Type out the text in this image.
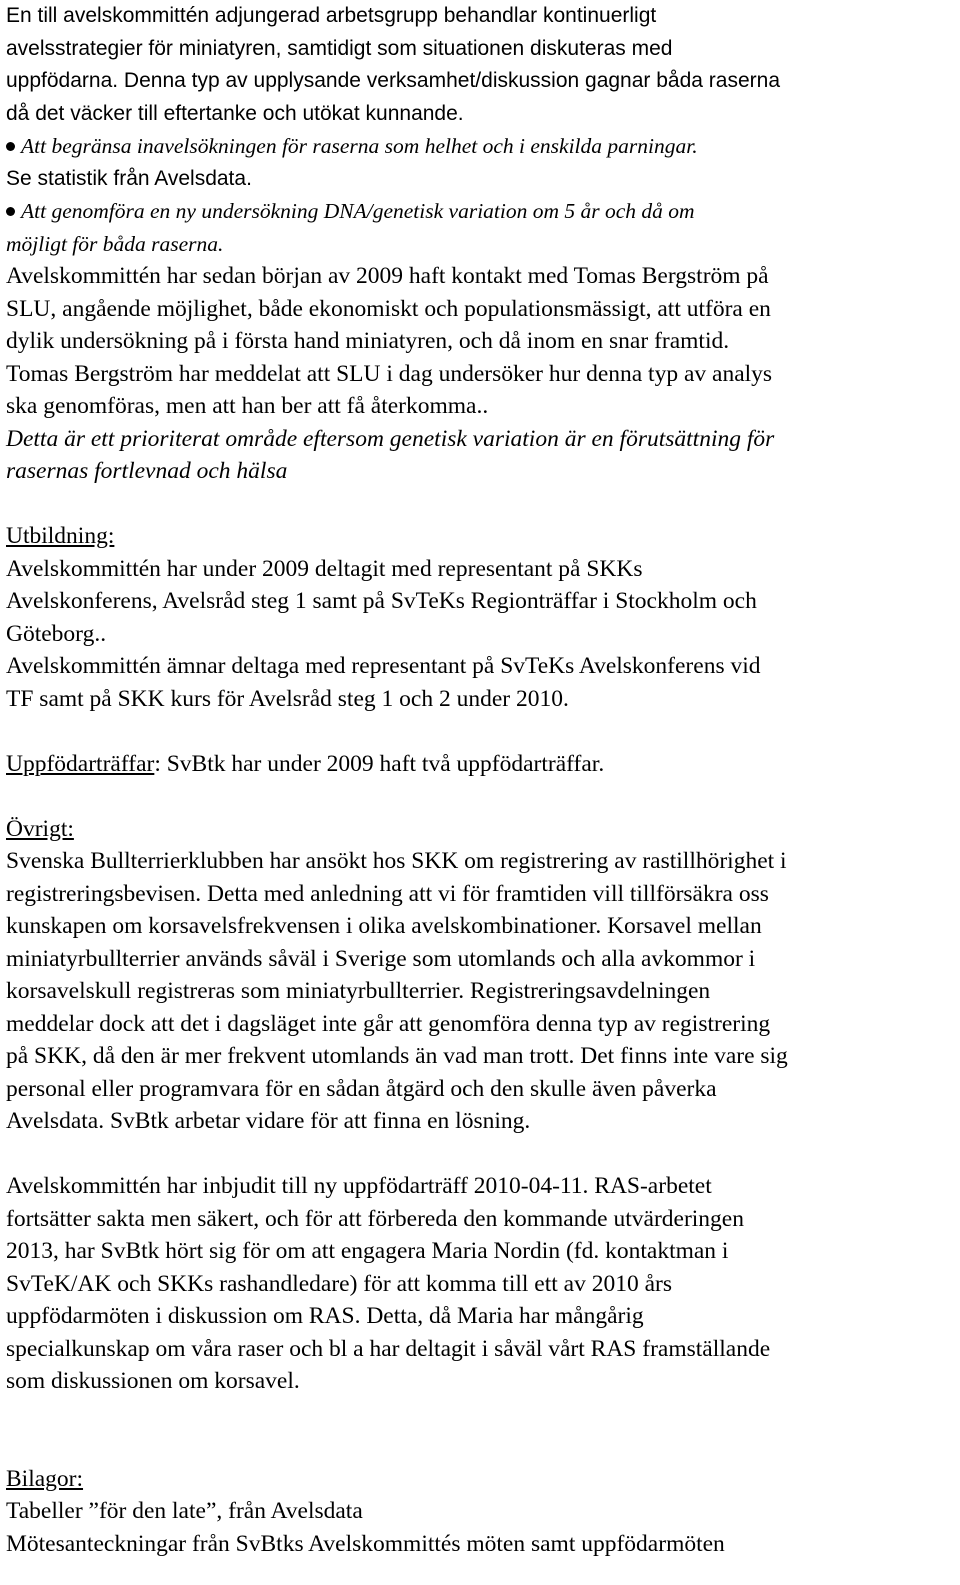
En till avelskommittén adjungerad arbetsgrupp behandlar kontinuerligt
avelsstrategier för miniatyren, samtidigt som situationen diskuteras med
uppfödarna. Denna typ av upplysande verksamhet/diskussion gagnar båda raserna
då det väcker till eftertanke och utökat kunnande.
Att begränsa inavelsökningen för raserna som helhet och i enskilda parningar.
Se statistik från Avelsdata.
Att genomföra en ny undersökning DNA/genetisk variation om 5 år och då om
möjligt för båda raserna.
Avelskommittén har sedan början av 2009 haft kontakt med Tomas Bergström på
SLU, angående möjlighet, både ekonomiskt och populationsmässigt, att utföra en
dylik undersökning på i första hand miniatyren, och då inom en snar framtid.
Tomas Bergström har meddelat att SLU i dag undersöker hur denna typ av analys
ska genomföras, men att han ber att få återkomma..
Detta är ett prioriterat område eftersom genetisk variation är en förutsättning för
rasernas fortlevnad och hälsa
Utbildning:
Avelskommittén har under 2009 deltagit med representant på SKKs
Avelskonferens, Avelsråd steg 1 samt på SvTeKs Regionträffar i Stockholm och
Göteborg..
Avelskommittén ämnar deltaga med representant på SvTeKs Avelskonferens vid
TF samt på SKK kurs för Avelsråd steg 1 och 2 under 2010.
Uppfödarträffar: SvBtk har under 2009 haft två uppfödarträffar.
Övrigt:
Svenska Bullterrierklubben har ansökt hos SKK om registrering av rastillhörighet i
registreringsbevisen. Detta med anledning att vi för framtiden vill tillförsäkra oss
kunskapen om korsavelsfrekvensen i olika avelskombinationer. Korsavel mellan
miniatyrbullterrier används såväl i Sverige som utomlands och alla avkommor i
korsavelskull registreras som miniatyrbullterrier. Registreringsavdelningen
meddelar dock att det i dagsläget inte går att genomföra denna typ av registrering
på SKK, då den är mer frekvent utomlands än vad man trott. Det finns inte vare sig
personal eller programvara för en sådan åtgärd och den skulle även påverka
Avelsdata. SvBtk arbetar vidare för att finna en lösning.
Avelskommittén har inbjudit till ny uppfödarträff 2010-04-11. RAS-arbetet
fortsätter sakta men säkert, och för att förbereda den kommande utvärderingen
2013, har SvBtk hört sig för om att engagera Maria Nordin (fd. kontaktman i
SvTeK/AK och SKKs rashandledare) för att komma till ett av 2010 års
uppfödarmöten i diskussion om RAS. Detta, då Maria har mångårig
specialkunskap om våra raser och bl a har deltagit i såväl vårt RAS framställande
som diskussionen om korsavel.
Bilagor:
Tabeller ”för den late”, från Avelsdata
Mötesanteckningar från SvBtks Avelskommittés möten samt uppfödarmöten
